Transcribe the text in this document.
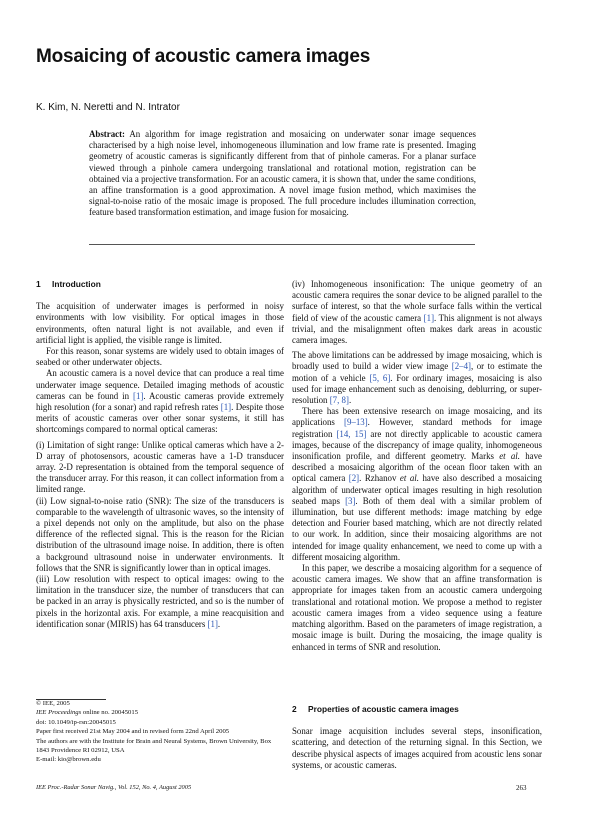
Mosaicing of acoustic camera images
K. Kim, N. Neretti and N. Intrator
Abstract: An algorithm for image registration and mosaicing on underwater sonar image sequences characterised by a high noise level, inhomogeneous illumination and low frame rate is presented. Imaging geometry of acoustic cameras is significantly different from that of pinhole cameras. For a planar surface viewed through a pinhole camera undergoing translational and rotational motion, registration can be obtained via a projective transformation. For an acoustic camera, it is shown that, under the same conditions, an affine transformation is a good approximation. A novel image fusion method, which maximises the signal-to-noise ratio of the mosaic image is proposed. The full procedure includes illumination correction, feature based transformation estimation, and image fusion for mosaicing.
1 Introduction

The acquisition of underwater images is performed in noisy environments with low visibility. For optical images in those environments, often natural light is not available, and even if artificial light is applied, the visible range is limited.

For this reason, sonar systems are widely used to obtain images of seabed or other underwater objects.

An acoustic camera is a novel device that can produce a real time underwater image sequence. Detailed imaging methods of acoustic cameras can be found in [1]. Acoustic cameras provide extremely high resolution (for a sonar) and rapid refresh rates [1]. Despite those merits of acoustic cameras over other sonar systems, it still has shortcomings compared to normal optical cameras:

(i) Limitation of sight range: Unlike optical cameras which have a 2-D array of photosensors, acoustic cameras have a 1-D transducer array. 2-D representation is obtained from the temporal sequence of the transducer array. For this reason, it can collect information from a limited range.

(ii) Low signal-to-noise ratio (SNR): The size of the transducers is comparable to the wavelength of ultrasonic waves, so the intensity of a pixel depends not only on the amplitude, but also on the phase difference of the reflected signal. This is the reason for the Rician distribution of the ultrasound image noise. In addition, there is often a background ultrasound noise in underwater environments. It follows that the SNR is significantly lower than in optical images.

(iii) Low resolution with respect to optical images: owing to the limitation in the transducer size, the number of transducers that can be packed in an array is physically restricted, and so is the number of pixels in the horizontal axis. For example, a mine reacquisition and identification sonar (MIRIS) has 64 transducers [1].

(iv) Inhomogeneous insonification: The unique geometry of an acoustic camera requires the sonar device to be aligned parallel to the surface of interest, so that the whole surface falls within the vertical field of view of the acoustic camera [1]. This alignment is not always trivial, and the misalignment often makes dark areas in acoustic camera images.

The above limitations can be addressed by image mosaicing, which is broadly used to build a wider view image [2–4], or to estimate the motion of a vehicle [5, 6]. For ordinary images, mosaicing is also used for image enhancement such as denoising, deblurring, or super-resolution [7, 8].

There has been extensive research on image mosaicing, and its applications [9–13]. However, standard methods for image registration [14, 15] are not directly applicable to acoustic camera images, because of the discrepancy of image quality, inhomogeneous insonification profile, and different geometry. Marks et al. have described a mosaicing algorithm of the ocean floor taken with an optical camera [2]. Rzhanov et al. have also described a mosaicing algorithm of underwater optical images resulting in high resolution seabed maps [3]. Both of them deal with a similar problem of illumination, but use different methods: image matching by edge detection and Fourier based matching, which are not directly related to our work. In addition, since their mosaicing algorithms are not intended for image quality enhancement, we need to come up with a different mosaicing algorithm.

In this paper, we describe a mosaicing algorithm for a sequence of acoustic camera images. We show that an affine transformation is appropriate for images taken from an acoustic camera undergoing translational and rotational motion. We propose a method to register acoustic camera images from a video sequence using a feature matching algorithm. Based on the parameters of image registration, a mosaic image is built. During the mosaicing, the image quality is enhanced in terms of SNR and resolution.

2 Properties of acoustic camera images

Sonar image acquisition includes several steps, insonification, scattering, and detection of the returning signal. In this Section, we describe physical aspects of images acquired from acoustic lens sonar systems, or acoustic cameras.

© IEE, 2005
IEE Proceedings online no. 20045015
doi: 10.1049/ip-rsn:20045015
Paper first received 21st May 2004 and in revised form 22nd April 2005
The authors are with the Institute for Brain and Neural Systems, Brown University, Box 1843 Providence RI 02912, USA
E-mail: kio@brown.edu
IEE Proc.-Radar Sonar Navig., Vol. 152, No. 4, August 2005	263
